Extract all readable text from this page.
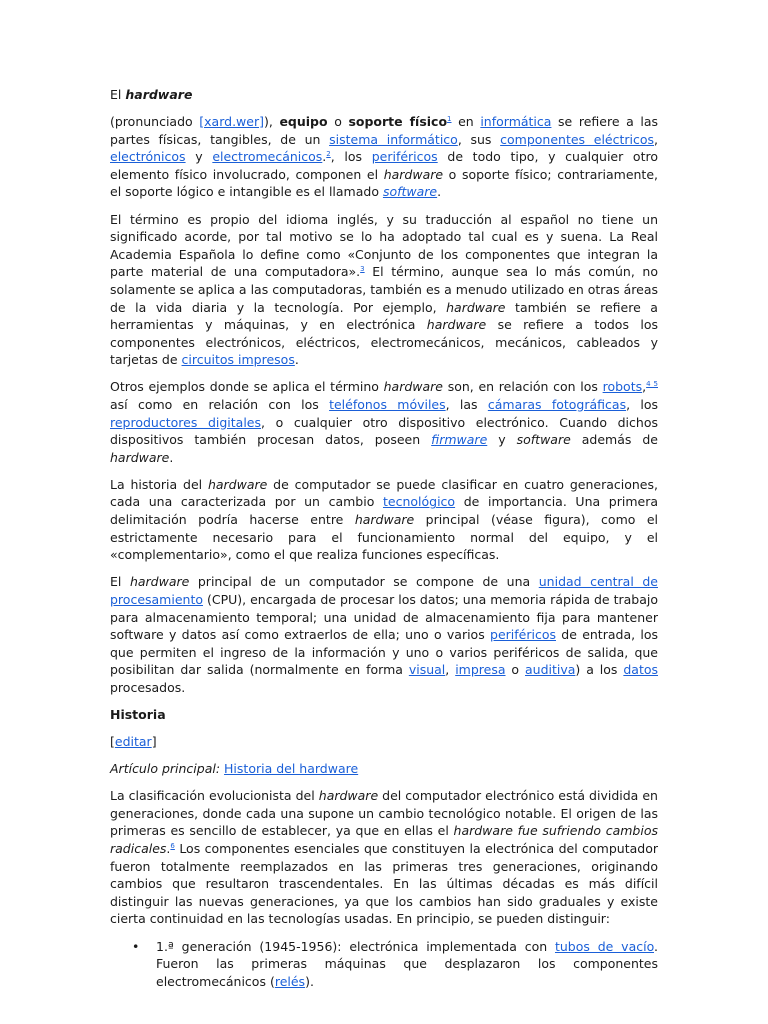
El hardware

(pronunciado [xard.wer]), equipo o soporte físico$^1$ en informática se refiere a las partes físicas, tangibles, de un sistema informático, sus componentes eléctricos, electrónicos y electromecánicos.$^2$, los periféricos de todo tipo, y cualquier otro elemento físico involucrado, componen el hardware o soporte físico; contrariamente, el soporte lógico e intangible es el llamado software.

El término es propio del idioma inglés, y su traducción al español no tiene un significado acorde, por tal motivo se lo ha adoptado tal cual es y suena. La Real Academia Española lo define como «Conjunto de los componentes que integran la parte material de una computadora».$^3$ El término, aunque sea lo más común, no solamente se aplica a las computadoras, también es a menudo utilizado en otras áreas de la vida diaria y la tecnología. Por ejemplo, hardware también se refiere a herramientas y máquinas, y en electrónica hardware se refiere a todos los componentes electrónicos, eléctricos, electromecánicos, mecánicos, cableados y tarjetas de circuitos impresos.

Otros ejemplos donde se aplica el término hardware son, en relación con los robots,$^{4 5}$ así como en relación con los teléfonos móviles, las cámaras fotográficas, los reproductores digitales, o cualquier otro dispositivo electrónico. Cuando dichos dispositivos también procesan datos, poseen firmware y software además de hardware.

La historia del hardware de computador se puede clasificar en cuatro generaciones, cada una caracterizada por un cambio tecnológico de importancia. Una primera delimitación podría hacerse entre hardware principal (véase figura), como el estrictamente necesario para el funcionamiento normal del equipo, y el «complementario», como el que realiza funciones específicas.

El hardware principal de un computador se compone de una unidad central de procesamiento (CPU), encargada de procesar los datos; una memoria rápida de trabajo para almacenamiento temporal; una unidad de almacenamiento fija para mantener software y datos así como extraerlos de ella; uno o varios periféricos de entrada, los que permiten el ingreso de la información y uno o varios periféricos de salida, que posibilitan dar salida (normalmente en forma visual, impresa o auditiva) a los datos procesados.

Historia

[editar]

Artículo principal: Historia del hardware

La clasificación evolucionista del hardware del computador electrónico está dividida en generaciones, donde cada una supone un cambio tecnológico notable. El origen de las primeras es sencillo de establecer, ya que en ellas el hardware fue sufriendo cambios radicales.$^6$ Los componentes esenciales que constituyen la electrónica del computador fueron totalmente reemplazados en las primeras tres generaciones, originando cambios que resultaron trascendentales. En las últimas décadas es más difícil distinguir las nuevas generaciones, ya que los cambios han sido graduales y existe cierta continuidad en las tecnologías usadas. En principio, se pueden distinguir:

• 1.ª generación (1945-1956): electrónica implementada con tubos de vacío. Fueron las primeras máquinas que desplazaron los componentes electromecánicos (relés).
